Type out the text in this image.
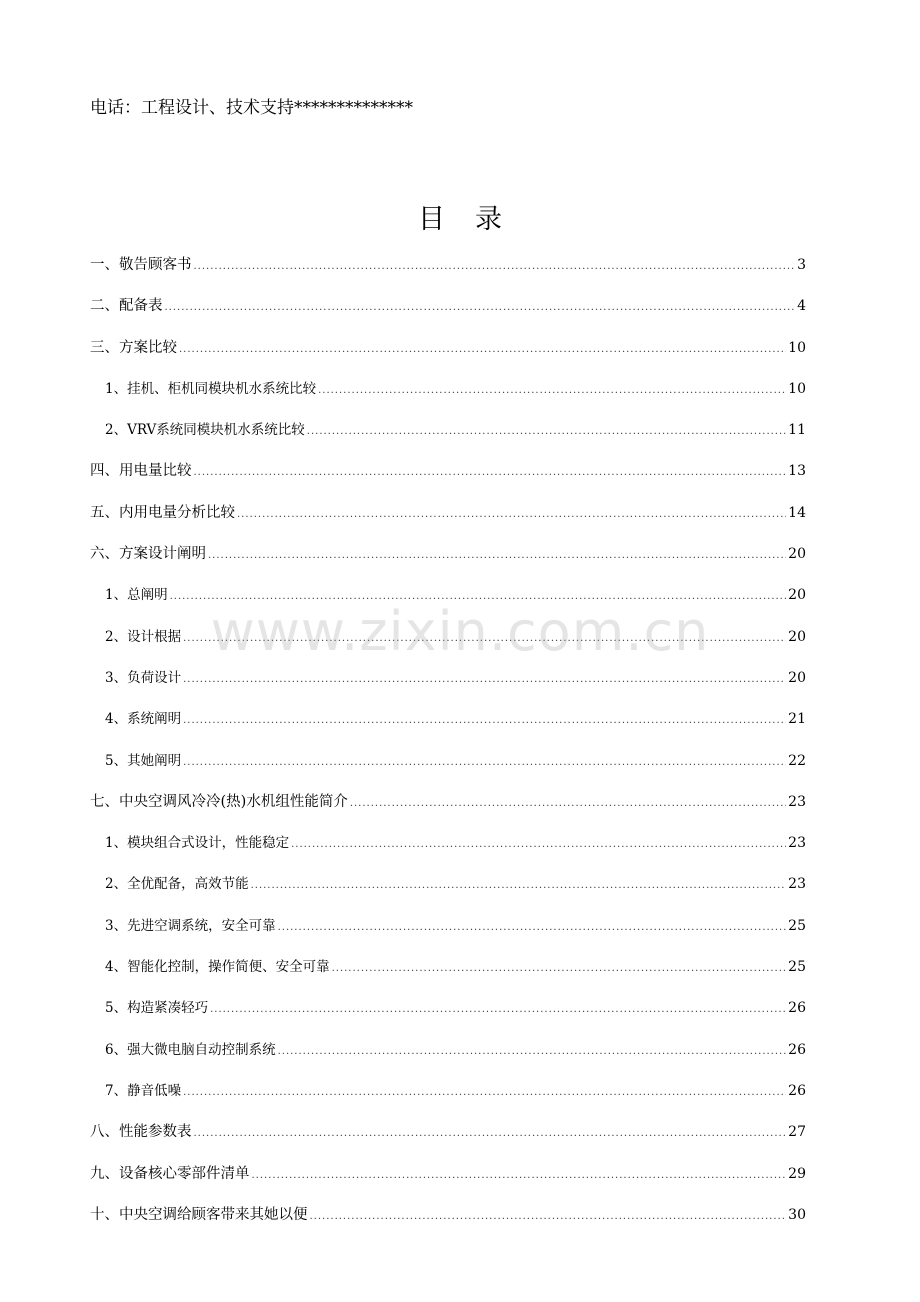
电话：工程设计、技术支持**************
目录
一、敬告顾客书 .....	3
二、配备表 .....	4
三、方案比较 .....	10
1、挂机、柜机同模块机水系统比较 .....	10
2、VRV系统同模块机水系统比较 .....	11
四、用电量比较 .....	13
五、内用电量分析比较 .....	14
六、方案设计阐明 .....	20
1、总阐明 .....	20
2、设计根据 .....	20
3、负荷设计 .....	20
4、系统阐明 .....	21
5、其她阐明 .....	22
七、中央空调风冷冷(热)水机组性能简介 .....	23
1、模块组合式设计，性能稳定 .....	23
2、全优配备，高效节能 .....	23
3、先进空调系统，安全可靠 .....	25
4、智能化控制，操作简便、安全可靠 .....	25
5、构造紧凑轻巧 .....	26
6、强大微电脑自动控制系统 .....	26
7、静音低噪 .....	26
八、性能参数表 .....	27
九、设备核心零部件清单 .....	29
十、中央空调给顾客带来其她以便 .....	30
www.zixin.com.cn
